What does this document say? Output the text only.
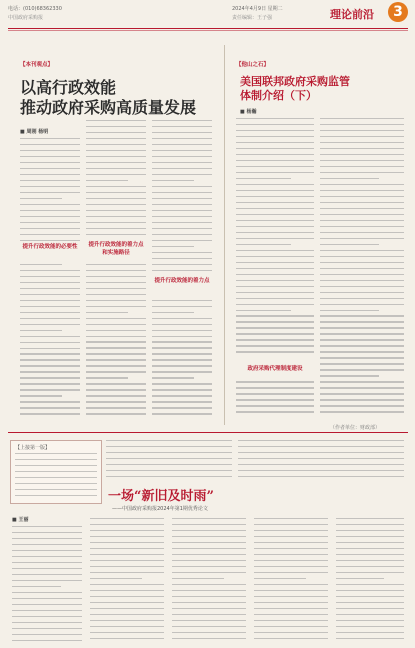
电话：(010)68362330
中国政府采购报
2024年4月9日 星期二
责任编辑：王子强	理论前沿	3
【本刊观点】
以高行政效能
推动政府采购高质量发展
■ 周刚 杨明
提升行政效能的必要性	提升行政效能的着力点和实施路径
提升行政效能的着力点
【他山之石】
美国联邦政府采购监管
体制介绍（下）
■ 杨瀚
政府采购代理制度建设
（作者单位：财政部）
【上接第一版】
一场“新旧及时雨”
——中国政府采购报2024年第1期优秀论文
■ 王丽
